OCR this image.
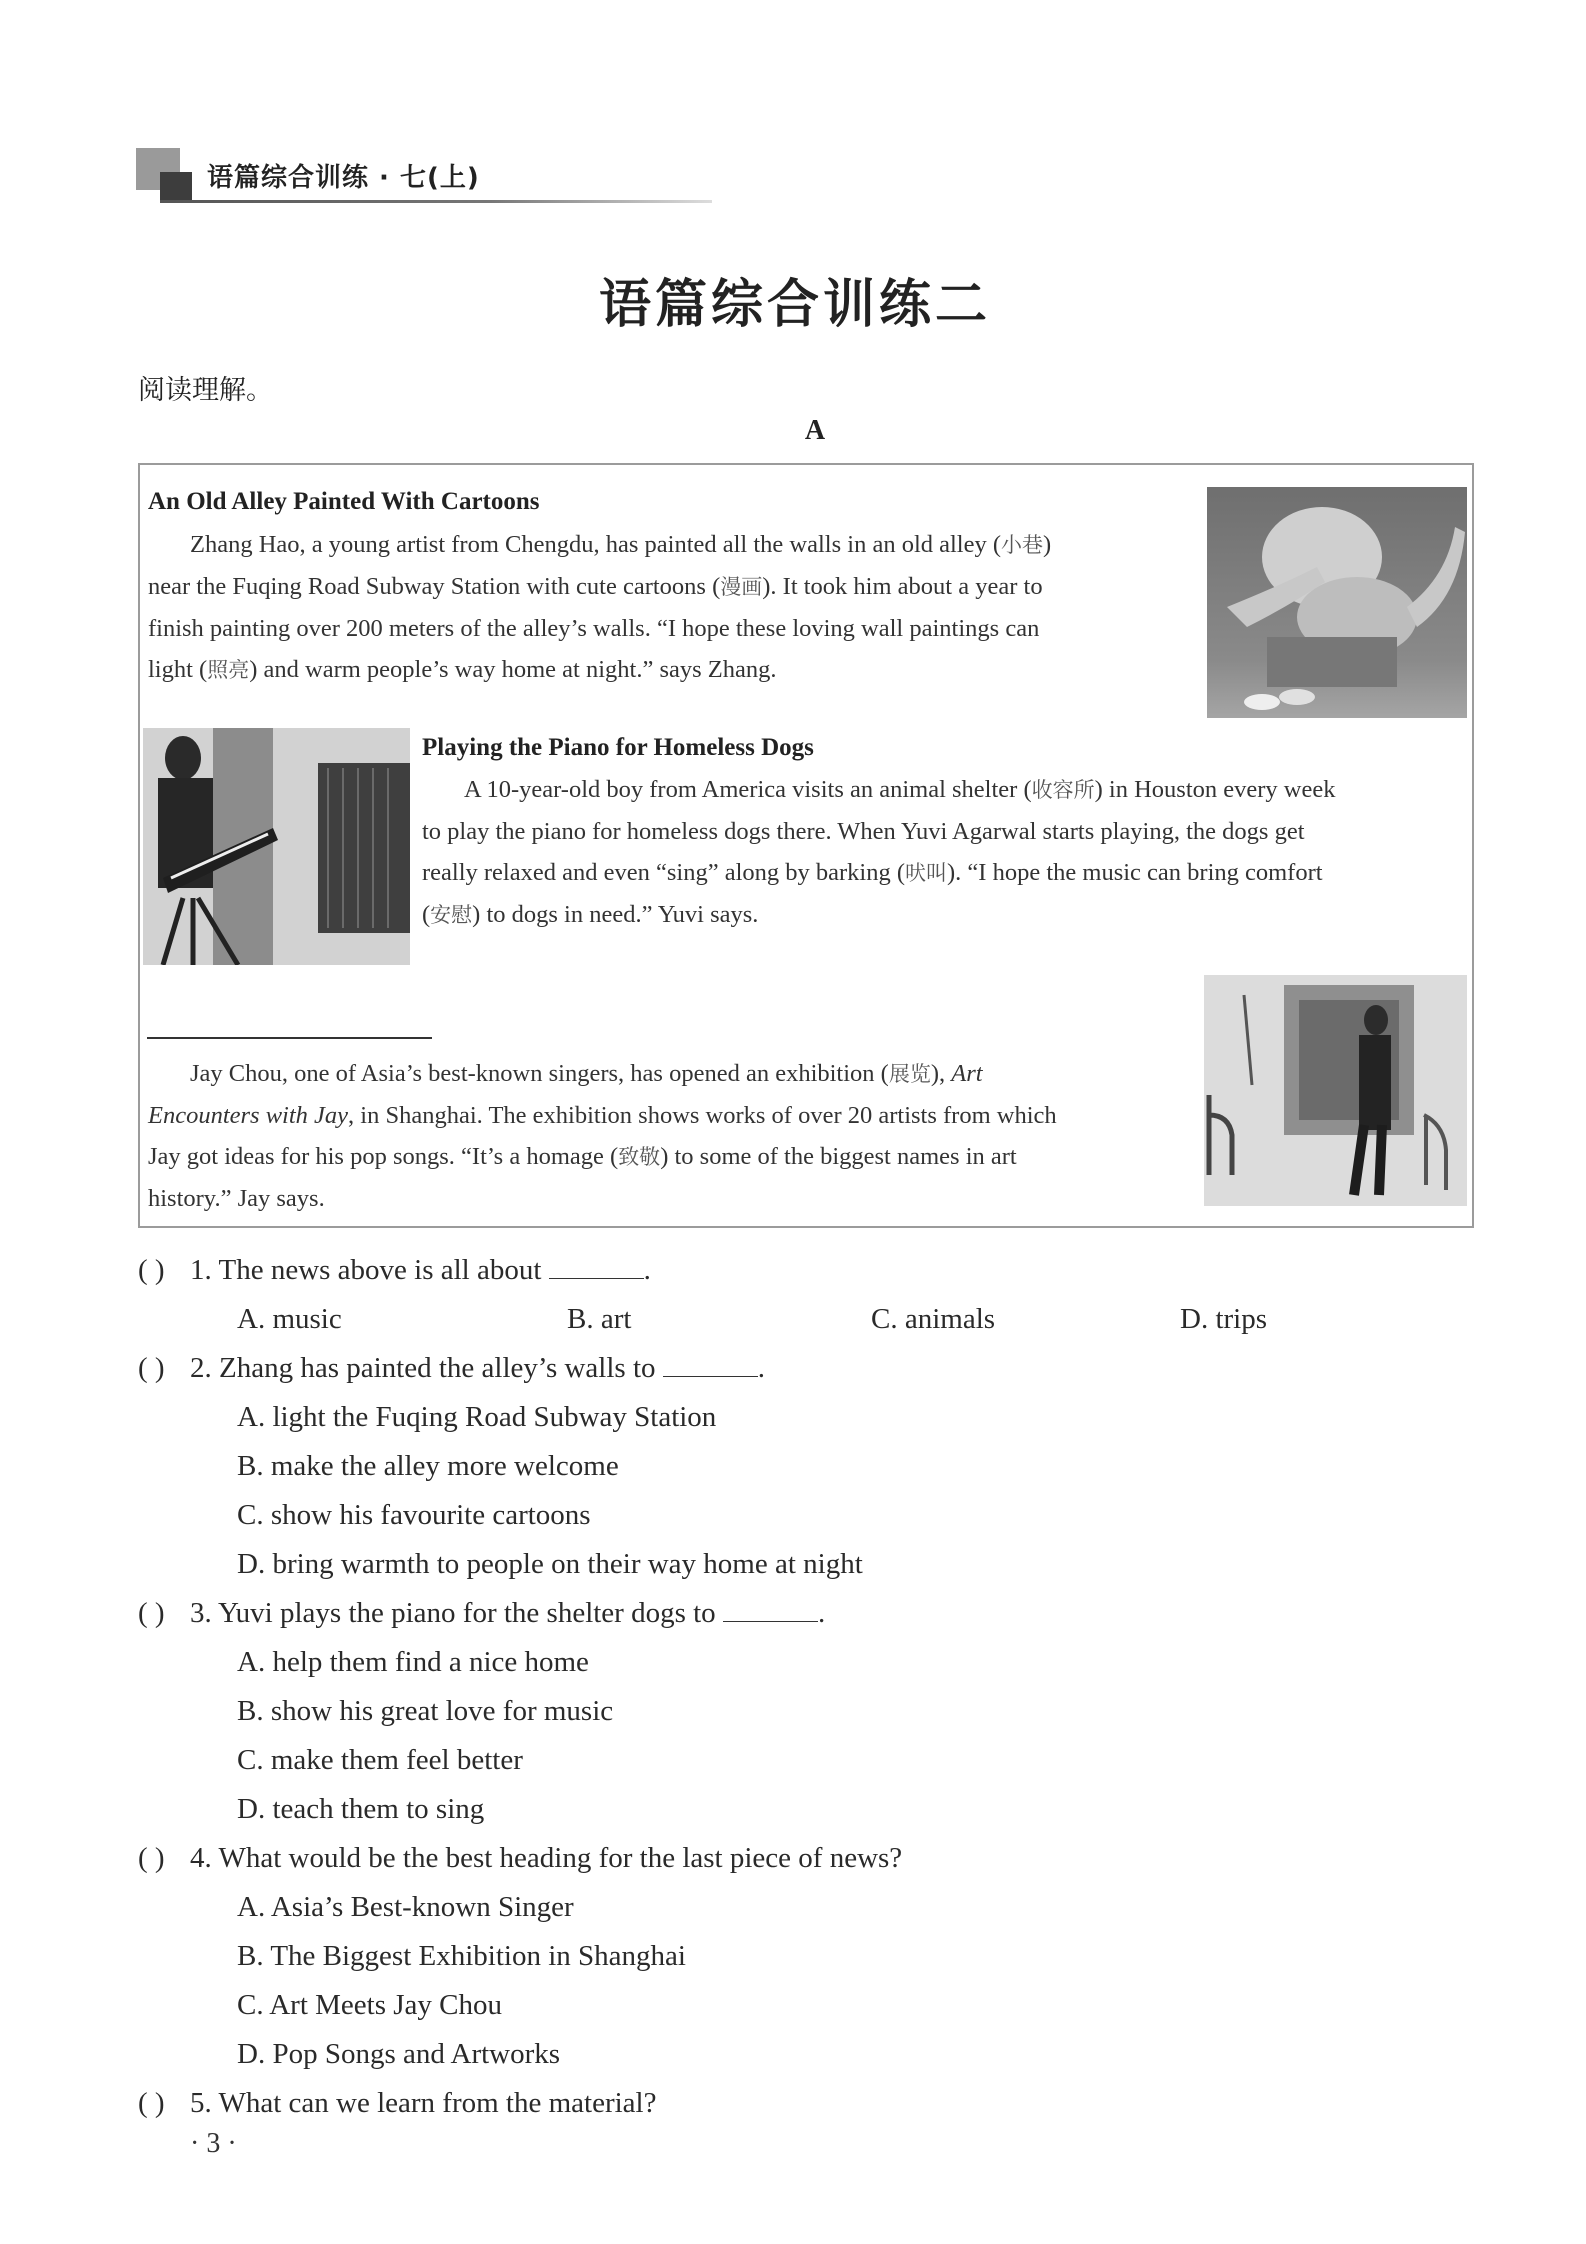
语篇综合训练 · 七(上)
语篇综合训练二
阅读理解。
A
An Old Alley Painted With Cartoons
Zhang Hao, a young artist from Chengdu, has painted all the walls in an old alley (小巷)
near the Fuqing Road Subway Station with cute cartoons (漫画). It took him about a year to
finish painting over 200 meters of the alley’s walls. “I hope these loving wall paintings can
light (照亮) and warm people’s way home at night.” says Zhang.
Playing the Piano for Homeless Dogs
A 10-year-old boy from America visits an animal shelter (收容所) in Houston every week
to play the piano for homeless dogs there. When Yuvi Agarwal starts playing, the dogs get
really relaxed and even “sing” along by barking (吠叫). “I hope the music can bring comfort
(安慰) to dogs in need.” Yuvi says.
Jay Chou, one of Asia’s best-known singers, has opened an exhibition (展览), Art
Encounters with Jay, in Shanghai. The exhibition shows works of over 20 artists from which
Jay got ideas for his pop songs. “It’s a homage (致敬) to some of the biggest names in art
history.” Jay says.
( ) 1. The news above is all about	.
A. music	B. art	C. animals	D. trips
( ) 2. Zhang has painted the alley’s walls to	.
A. light the Fuqing Road Subway Station
B. make the alley more welcome
C. show his favourite cartoons
D. bring warmth to people on their way home at night
( ) 3. Yuvi plays the piano for the shelter dogs to	.
A. help them find a nice home
B. show his great love for music
C. make them feel better
D. teach them to sing
( ) 4. What would be the best heading for the last piece of news?
A. Asia’s Best-known Singer
B. The Biggest Exhibition in Shanghai
C. Art Meets Jay Chou
D. Pop Songs and Artworks
( ) 5. What can we learn from the material?
· 3 ·
